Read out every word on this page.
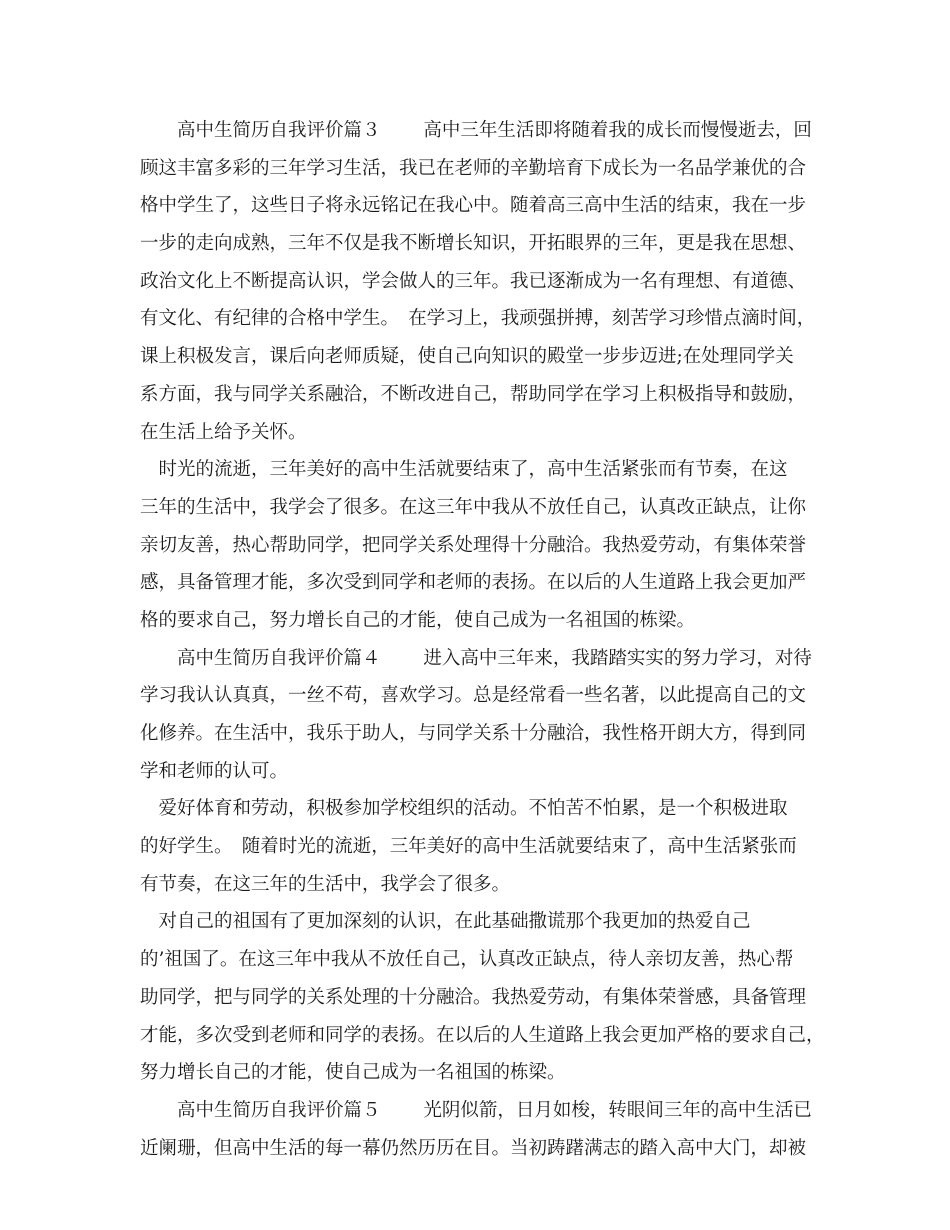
　　高中生简历自我评价篇３　　 高中三年生活即将随着我的成长而慢慢逝去，回
顾这丰富多彩的三年学习生活，我已在老师的辛勤培育下成长为一名品学兼优的合
格中学生了，这些日子将永远铭记在我心中。随着高三高中生活的结束，我在一步
一步的走向成熟，三年不仅是我不断增长知识，开拓眼界的三年，更是我在思想、
政治文化上不断提高认识，学会做人的三年。我已逐渐成为一名有理想、有道德、
有文化、有纪律的合格中学生。　在学习上，我顽强拼搏，刻苦学习珍惜点滴时间，
课上积极发言，课后向老师质疑，使自己向知识的殿堂一步步迈进;在处理同学关
系方面，我与同学关系融洽，不断改进自己，帮助同学在学习上积极指导和鼓励，
在生活上给予关怀。
　时光的流逝，三年美好的高中生活就要结束了，高中生活紧张而有节奏，在这
三年的生活中，我学会了很多。在这三年中我从不放任自己，认真改正缺点，让你
亲切友善，热心帮助同学，把同学关系处理得十分融洽。我热爱劳动，有集体荣誉
感，具备管理才能，多次受到同学和老师的表扬。在以后的人生道路上我会更加严
格的要求自己，努力增长自己的才能，使自己成为一名祖国的栋梁。
　　高中生简历自我评价篇４　　 进入高中三年来，我踏踏实实的努力学习，对待
学习我认认真真，一丝不苟，喜欢学习。总是经常看一些名著，以此提高自己的文
化修养。在生活中，我乐于助人，与同学关系十分融洽，我性格开朗大方，得到同
学和老师的认可。
　爱好体育和劳动，积极参加学校组织的活动。不怕苦不怕累，是一个积极进取
的好学生。　随着时光的流逝，三年美好的高中生活就要结束了，高中生活紧张而
有节奏，在这三年的生活中，我学会了很多。
　对自己的祖国有了更加深刻的认识，在此基础撒谎那个我更加的热爱自己
的’祖国了。在这三年中我从不放任自己，认真改正缺点，待人亲切友善，热心帮
助同学，把与同学的关系处理的十分融洽。我热爱劳动，有集体荣誉感，具备管理
才能，多次受到老师和同学的表扬。在以后的人生道路上我会更加严格的要求自己，
努力增长自己的才能，使自己成为一名祖国的栋梁。
　　高中生简历自我评价篇５　　 光阴似箭，日月如梭，转眼间三年的高中生活已
近阑珊，但高中生活的每一幕仍然历历在目。当初踌躇满志的踏入高中大门，却被
